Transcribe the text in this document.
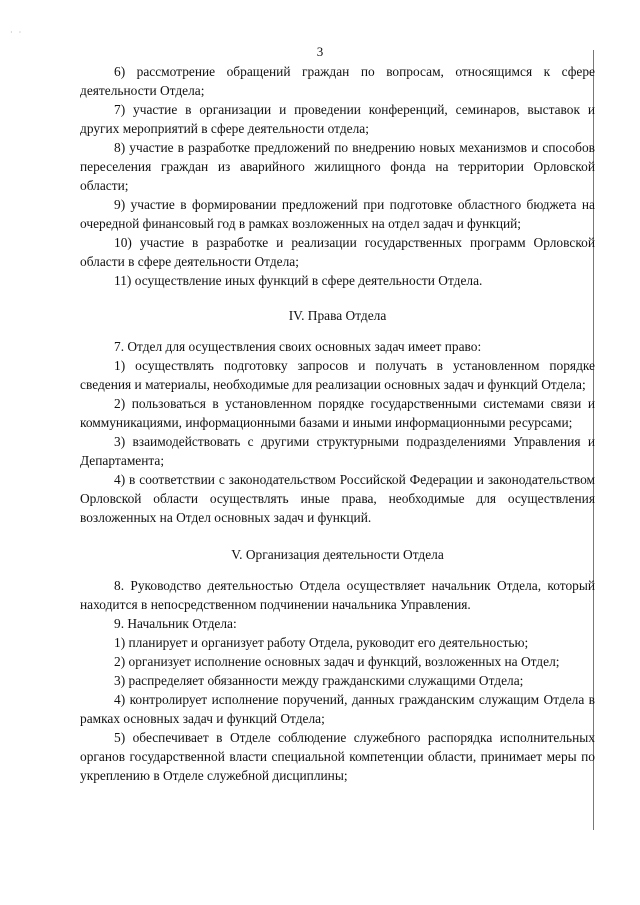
·   ·
3

6) рассмотрение обращений граждан по вопросам, относящимся к сфере деятельности Отдела;

7) участие в организации и проведении конференций, семинаров, выставок и других мероприятий в сфере деятельности отдела;

8) участие в разработке предложений по внедрению новых механизмов и способов переселения граждан из аварийного жилищного фонда на территории Орловской области;

9) участие в формировании предложений при подготовке областного бюджета на очередной финансовый год в рамках возложенных на отдел задач и функций;

10) участие в разработке и реализации государственных программ Орловской области в сфере деятельности Отдела;

11) осуществление иных функций в сфере деятельности Отдела.

IV. Права Отдела

7. Отдел для осуществления своих основных задач имеет право:

1) осуществлять подготовку запросов и получать в установленном порядке сведения и материалы, необходимые для реализации основных задач и функций Отдела;

2) пользоваться в установленном порядке государственными системами связи и коммуникациями, информационными базами и иными информационными ресурсами;

3) взаимодействовать с другими структурными подразделениями Управления и Департамента;

4) в соответствии с законодательством Российской Федерации и законодательством Орловской области осуществлять иные права, необходимые для осуществления возложенных на Отдел основных задач и функций.

V. Организация деятельности Отдела

8. Руководство деятельностью Отдела осуществляет начальник Отдела, который находится в непосредственном подчинении начальника Управления.

9. Начальник Отдела:

1) планирует и организует работу Отдела, руководит его деятельностью;

2) организует исполнение основных задач и функций, возложенных на Отдел;

3) распределяет обязанности между гражданскими служащими Отдела;

4) контролирует исполнение поручений, данных гражданским служащим Отдела в рамках основных задач и функций Отдела;

5) обеспечивает в Отделе соблюдение служебного распорядка исполнительных органов государственной власти специальной компетенции области, принимает меры по укреплению в Отделе служебной дисциплины;
